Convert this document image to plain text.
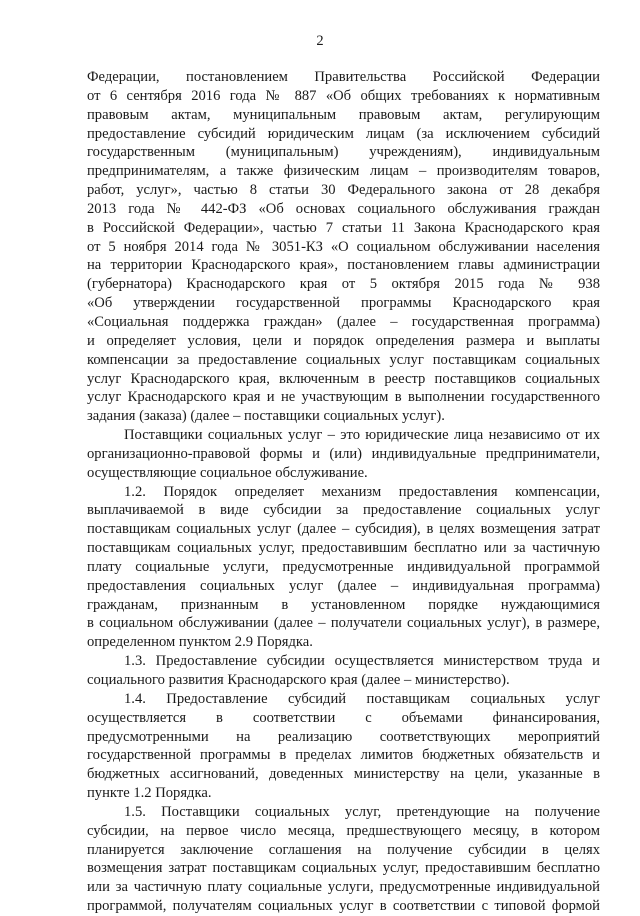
2
Федерации, постановлением Правительства Российской Федерации
от 6 сентября 2016 года № 887 «Об общих требованиях к нормативным
правовым актам, муниципальным правовым актам, регулирующим
предоставление субсидий юридическим лицам (за исключением субсидий
государственным (муниципальным) учреждениям), индивидуальным
предпринимателям, а также физическим лицам – производителям товаров,
работ, услуг», частью 8 статьи 30 Федерального закона от 28 декабря
2013 года № 442-ФЗ «Об основах социального обслуживания граждан
в Российской Федерации», частью 7 статьи 11 Закона Краснодарского края
от 5 ноября 2014 года № 3051-КЗ «О социальном обслуживании населения
на территории Краснодарского края», постановлением главы администрации
(губернатора) Краснодарского края от 5 октября 2015 года № 938
«Об утверждении государственной программы Краснодарского края
«Социальная поддержка граждан» (далее – государственная программа)
и определяет условия, цели и порядок определения размера и выплаты
компенсации за предоставление социальных услуг поставщикам социальных
услуг Краснодарского края, включенным в реестр поставщиков социальных
услуг Краснодарского края и не участвующим в выполнении государственного
задания (заказа) (далее – поставщики социальных услуг).
Поставщики социальных услуг – это юридические лица независимо от их
организационно-правовой формы и (или) индивидуальные предприниматели,
осуществляющие социальное обслуживание.
1.2. Порядок определяет механизм предоставления компенсации,
выплачиваемой в виде субсидии за предоставление социальных услуг
поставщикам социальных услуг (далее – субсидия), в целях возмещения затрат
поставщикам социальных услуг, предоставившим бесплатно или за частичную
плату социальные услуги, предусмотренные индивидуальной программой
предоставления социальных услуг (далее – индивидуальная программа)
гражданам, признанным в установленном порядке нуждающимися
в социальном обслуживании (далее – получатели социальных услуг), в размере,
определенном пунктом 2.9 Порядка.
1.3. Предоставление субсидии осуществляется министерством труда и
социального развития Краснодарского края (далее – министерство).
1.4. Предоставление субсидий поставщикам социальных услуг
осуществляется в соответствии с объемами финансирования,
предусмотренными на реализацию соответствующих мероприятий
государственной программы в пределах лимитов бюджетных обязательств и
бюджетных ассигнований, доведенных министерству на цели, указанные в
пункте 1.2 Порядка.
1.5. Поставщики социальных услуг, претендующие на получение
субсидии, на первое число месяца, предшествующего месяцу, в котором
планируется заключение соглашения на получение субсидии в целях
возмещения затрат поставщикам социальных услуг, предоставившим бесплатно
или за частичную плату социальные услуги, предусмотренные индивидуальной
программой, получателям социальных услуг в соответствии с типовой формой
